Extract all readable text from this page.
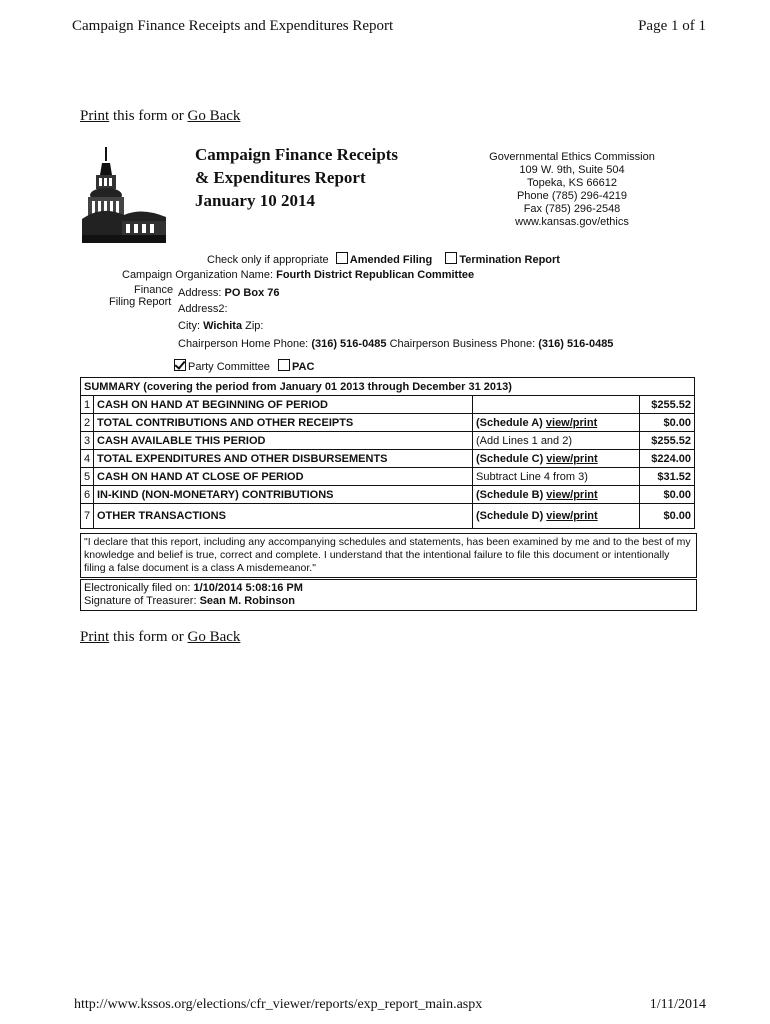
Campaign Finance Receipts and Expenditures Report	Page 1 of 1
Print this form or Go Back
Campaign Finance Receipts
& Expenditures Report
January 10 2014
Governmental Ethics Commission
109 W. 9th, Suite 504
Topeka, KS 66612
Phone (785) 296-4219
Fax (785) 296-2548
www.kansas.gov/ethics
Check only if appropriate Amended Filing Termination Report
Campaign Organization Name: Fourth District Republican Committee
Finance
Filing Report
Address: PO Box 76
Address2:
City: Wichita Zip:
Chairperson Home Phone: (316) 516-0485 Chairperson Business Phone: (316) 516-0485
Party Committee PAC
SUMMARY (covering the period from January 01 2013 through December 31 2013)			
1	CASH ON HAND AT BEGINNING OF PERIOD		$255.52
2	TOTAL CONTRIBUTIONS AND OTHER RECEIPTS	(Schedule A) view/print	$0.00
3	CASH AVAILABLE THIS PERIOD	(Add Lines 1 and 2)	$255.52
4	TOTAL EXPENDITURES AND OTHER DISBURSEMENTS	(Schedule C) view/print	$224.00
5	CASH ON HAND AT CLOSE OF PERIOD	Subtract Line 4 from 3)	$31.52
6	IN-KIND (NON-MONETARY) CONTRIBUTIONS	(Schedule B) view/print	$0.00
7	OTHER TRANSACTIONS	(Schedule D) view/print	$0.00
"I declare that this report, including any accompanying schedules and statements, has been examined by me and to the best of my knowledge and belief is true, correct and complete. I understand that the intentional failure to file this document or intentionally filing a false document is a class A misdemeanor."
Electronically filed on: 1/10/2014 5:08:16 PM
Signature of Treasurer: Sean M. Robinson
Print this form or Go Back
http://www.kssos.org/elections/cfr_viewer/reports/exp_report_main.aspx	1/11/2014
